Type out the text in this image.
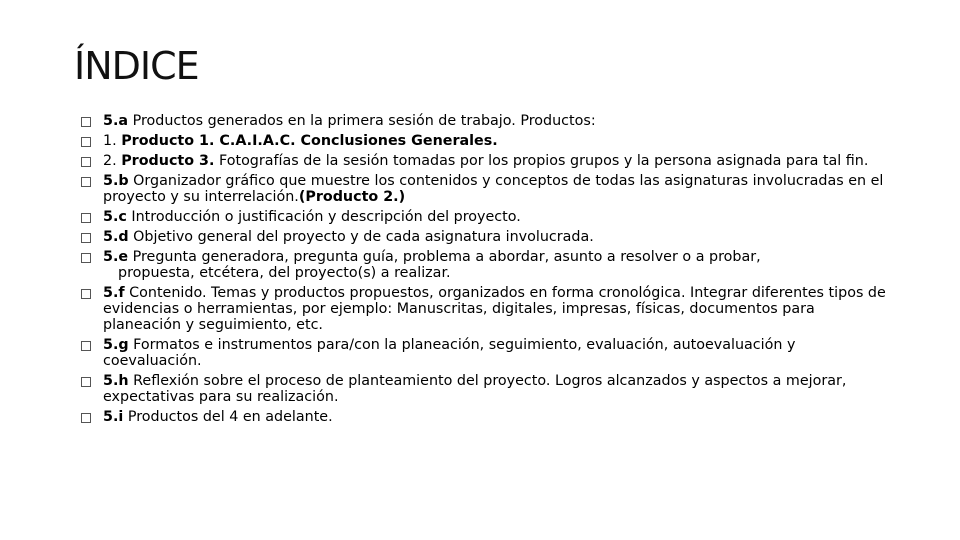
ÍNDICE
5.a Productos generados en la primera sesión de trabajo. Productos:
1. Producto 1. C.A.I.A.C. Conclusiones Generales.
2. Producto 3. Fotografías de la sesión tomadas por los propios grupos y la persona asignada para tal fin.
5.b Organizador gráfico que muestre los contenidos y conceptos de todas las asignaturas involucradas en el proyecto y su interrelación.(Producto 2.)
5.c Introducción o justificación y descripción del proyecto.
5.d Objetivo general del proyecto y de cada asignatura involucrada.
5.e Pregunta generadora, pregunta guía, problema a abordar, asunto a resolver o a probar,
propuesta, etcétera, del proyecto(s) a realizar.
5.f Contenido. Temas y productos propuestos, organizados en forma cronológica. Integrar diferentes tipos de evidencias o herramientas, por ejemplo: Manuscritas, digitales, impresas, físicas, documentos para planeación y seguimiento, etc.
5.g Formatos e instrumentos para/con la planeación, seguimiento, evaluación, autoevaluación y coevaluación.
5.h Reflexión sobre el proceso de planteamiento del proyecto. Logros alcanzados y aspectos a mejorar, expectativas para su realización.
5.i Productos del 4 en adelante.
